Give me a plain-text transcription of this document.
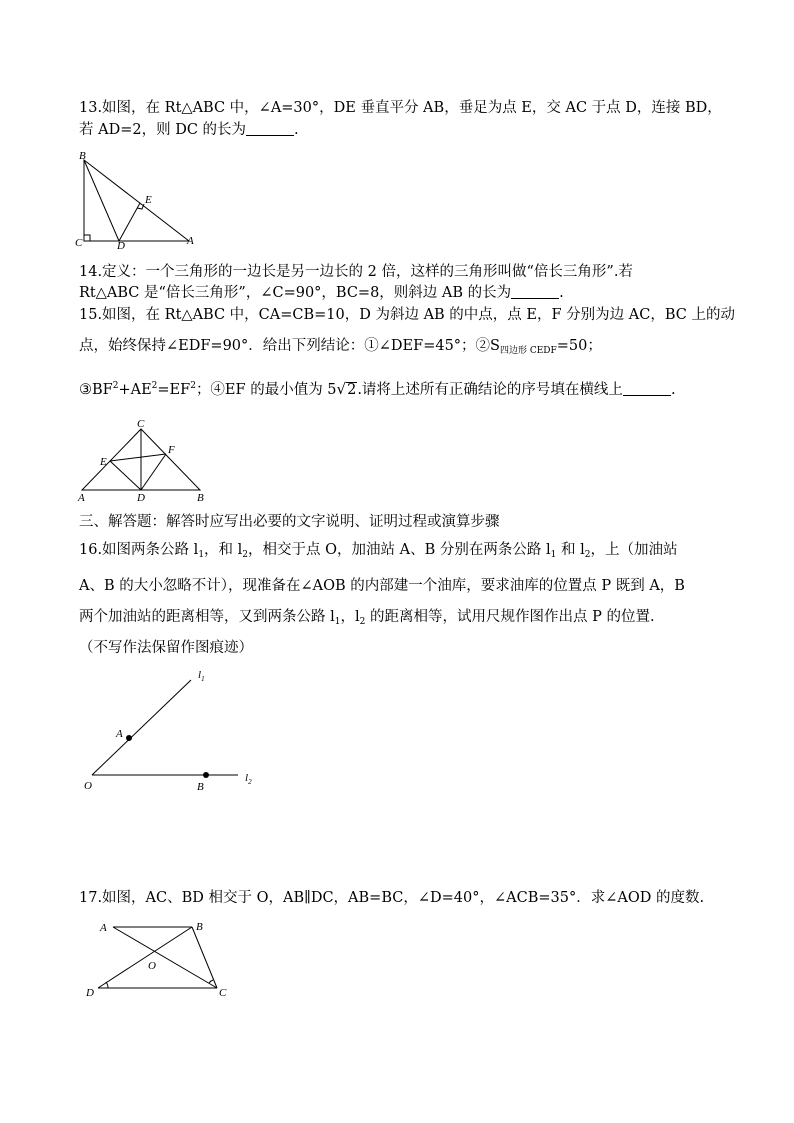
13.如图，在 Rt△ABC 中，∠A=30°，DE 垂直平分 AB，垂足为点 E，交 AC 于点 D，连接 BD，
若 AD=2，则 DC 的长为	.
B
C	D
E
A
14.定义：一个三角形的一边长是另一边长的 2 倍，这样的三角形叫做“倍长三角形”.若
Rt△ABC 是“倍长三角形”，∠C=90°，BC=8，则斜边 AB 的长为	.
15.如图，在 Rt△ABC 中，CA=CB=10，D 为斜边 AB 的中点，点 E，F 分别为边 AC，BC 上的动
点，始终保持∠EDF=90°．给出下列结论：①∠DEF=45°；$②S_{四边形 CEDF}=50$；
$③BF^2+AE^2=EF^2$；④EF 的最小值为 5√2.请将上述所有正确结论的序号填在横线上	.
C
E
F
A	D	B
三、解答题：解答时应写出必要的文字说明、证明过程或演算步骤
16.如图两条公路 $l_1$，和 $l_2$，相交于点 O，加油站 A、B 分别在两条公路 $l_1$ 和 $l_2$，上（加油站
A、B 的大小忽略不计），现准备在∠AOB 的内部建一个油库，要求油库的位置点 P 既到 A，B
两个加油站的距离相等，又到两条公路 $l_1$，$l_2$ 的距离相等，试用尺规作图作出点 P 的位置.
（不写作法保留作图痕迹）
$l_1$
A
O	B
$l_2$
17.如图，AC、BD 相交于 O，AB∥DC，AB=BC，∠D=40°，∠ACB=35°．求∠AOD 的度数.
A	B
O
D	C
